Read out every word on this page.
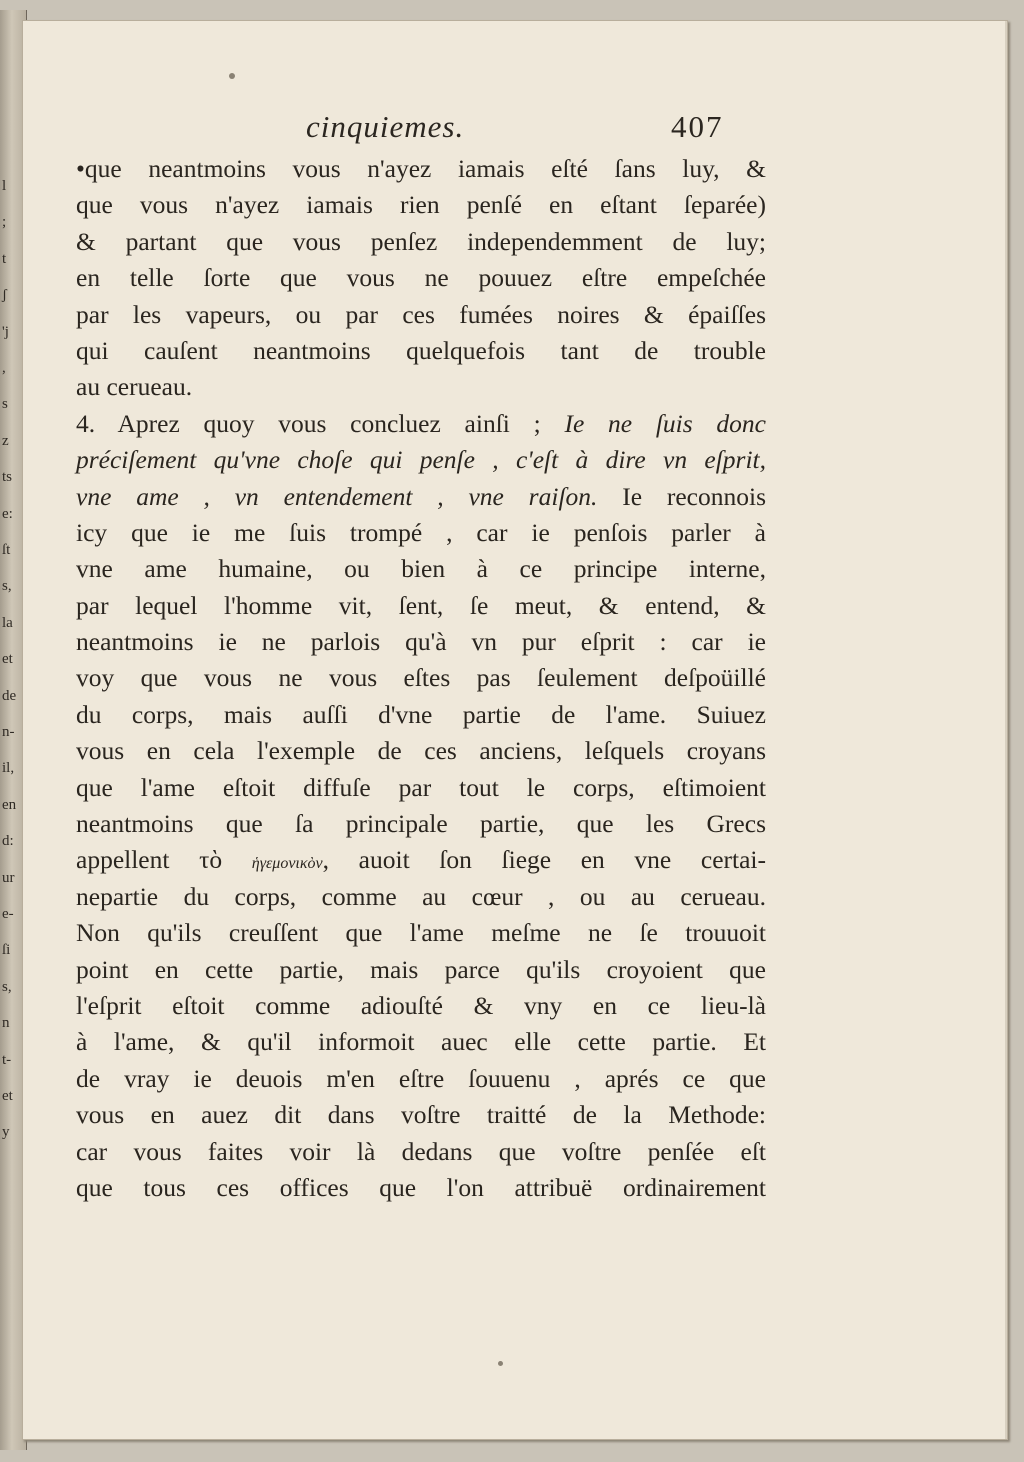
l
;
t
ʃ
'j
,
s
z
ts
e:
ſt
s,
la
et
de
n-
il,
en
d:
ur
e-
ſi
s,
n
t-
et
y
cinquiemes.	407
•que neantmoins vous n'ayez iamais eſté ſans luy, &
que vous n'ayez iamais rien penſé en eſtant ſeparée)
& partant que vous penſez independemment de luy;
en telle ſorte que vous ne pouuez eſtre empeſchée
par les vapeurs, ou par ces fumées noires & épaiſſes
qui cauſent neantmoins quelquefois tant de trouble
au cerueau.
4. Aprez quoy vous concluez ainſi ; Ie ne ſuis donc
préciſement qu'vne choſe qui penſe , c'eſt à dire vn eſprit,
vne ame , vn entendement , vne raiſon. Ie reconnois
icy que ie me ſuis trompé , car ie penſois parler à
vne ame humaine, ou bien à ce principe interne,
par lequel l'homme vit, ſent, ſe meut, & entend, &
neantmoins ie ne parlois qu'à vn pur eſprit : car ie
voy que vous ne vous eſtes pas ſeulement deſpoüillé
du corps, mais auſſi d'vne partie de l'ame. Suiuez
vous en cela l'exemple de ces anciens, leſquels croyans
que l'ame eſtoit diffuſe par tout le corps, eſtimoient
neantmoins que ſa principale partie, que les Grecs
appellent τὸ ἡγεμονικὸν, auoit ſon ſiege en vne certai-
nepartie du corps, comme au cœur , ou au cerueau.
Non qu'ils creuſſent que l'ame meſme ne ſe trouuoit
point en cette partie, mais parce qu'ils croyoient que
l'eſprit eſtoit comme adiouſté & vny en ce lieu-là
à l'ame, & qu'il informoit auec elle cette partie. Et
de vray ie deuois m'en eſtre ſouuenu , aprés ce que
vous en auez dit dans voſtre traitté de la Methode:
car vous faites voir là dedans que voſtre penſée eſt
que tous ces offices que l'on attribuë ordinairement
